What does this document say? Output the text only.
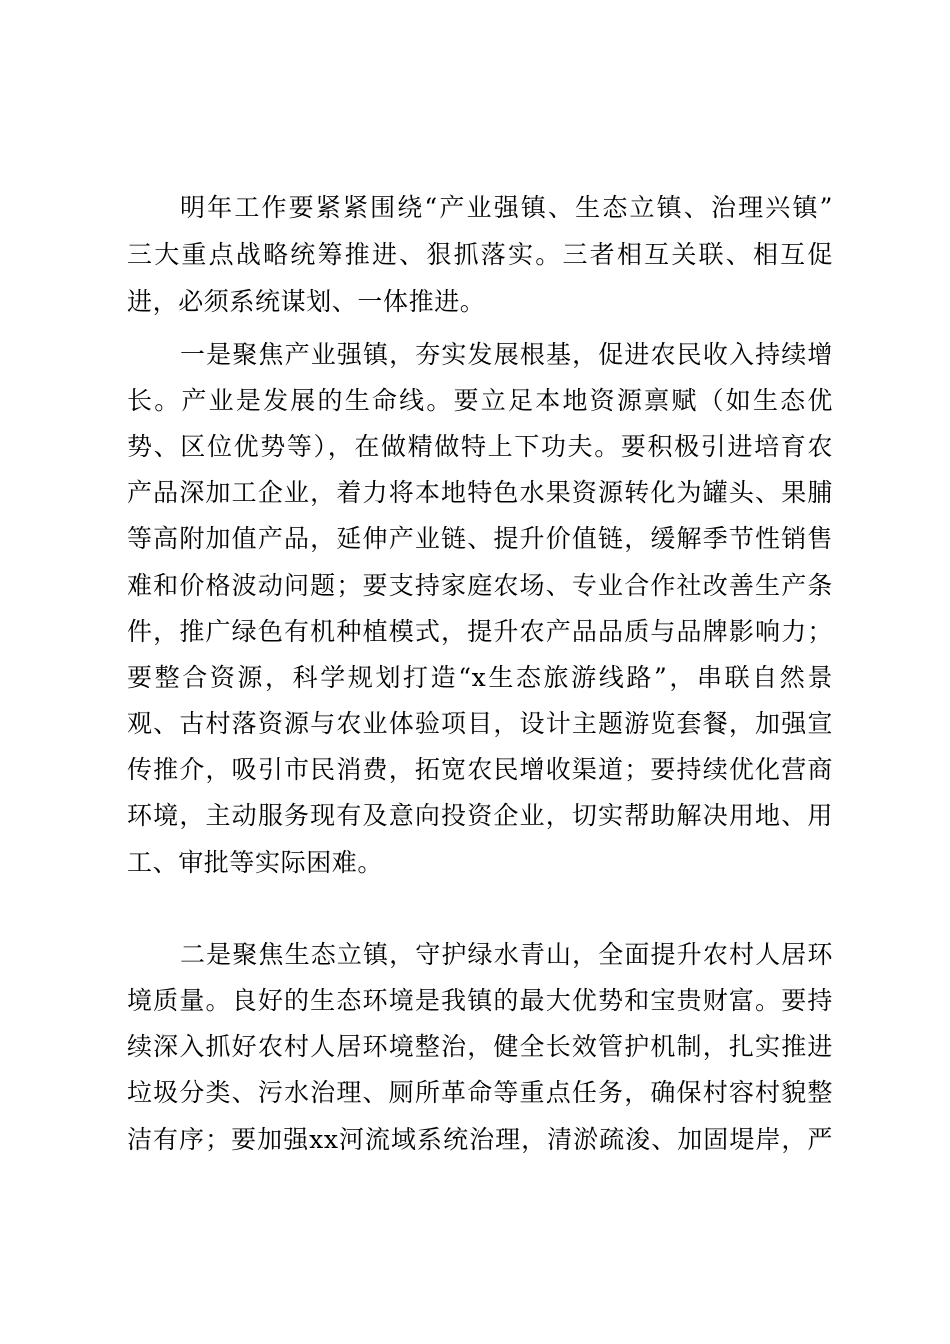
明年工作要紧紧围绕“产业强镇、生态立镇、治理兴镇”
三大重点战略统筹推进、狠抓落实。三者相互关联、相互促
进，必须系统谋划、一体推进。
一是聚焦产业强镇，夯实发展根基，促进农民收入持续增
长。产业是发展的生命线。要立足本地资源禀赋（如生态优
势、区位优势等），在做精做特上下功夫。要积极引进培育农
产品深加工企业，着力将本地特色水果资源转化为罐头、果脯
等高附加值产品，延伸产业链、提升价值链，缓解季节性销售
难和价格波动问题；要支持家庭农场、专业合作社改善生产条
件，推广绿色有机种植模式，提升农产品品质与品牌影响力；
要整合资源，科学规划打造“x生态旅游线路”，串联自然景
观、古村落资源与农业体验项目，设计主题游览套餐，加强宣
传推介，吸引市民消费，拓宽农民增收渠道；要持续优化营商
环境，主动服务现有及意向投资企业，切实帮助解决用地、用
工、审批等实际困难。
二是聚焦生态立镇，守护绿水青山，全面提升农村人居环
境质量。良好的生态环境是我镇的最大优势和宝贵财富。要持
续深入抓好农村人居环境整治，健全长效管护机制，扎实推进
垃圾分类、污水治理、厕所革命等重点任务，确保村容村貌整
洁有序；要加强xx河流域系统治理，清淤疏浚、加固堤岸，严
